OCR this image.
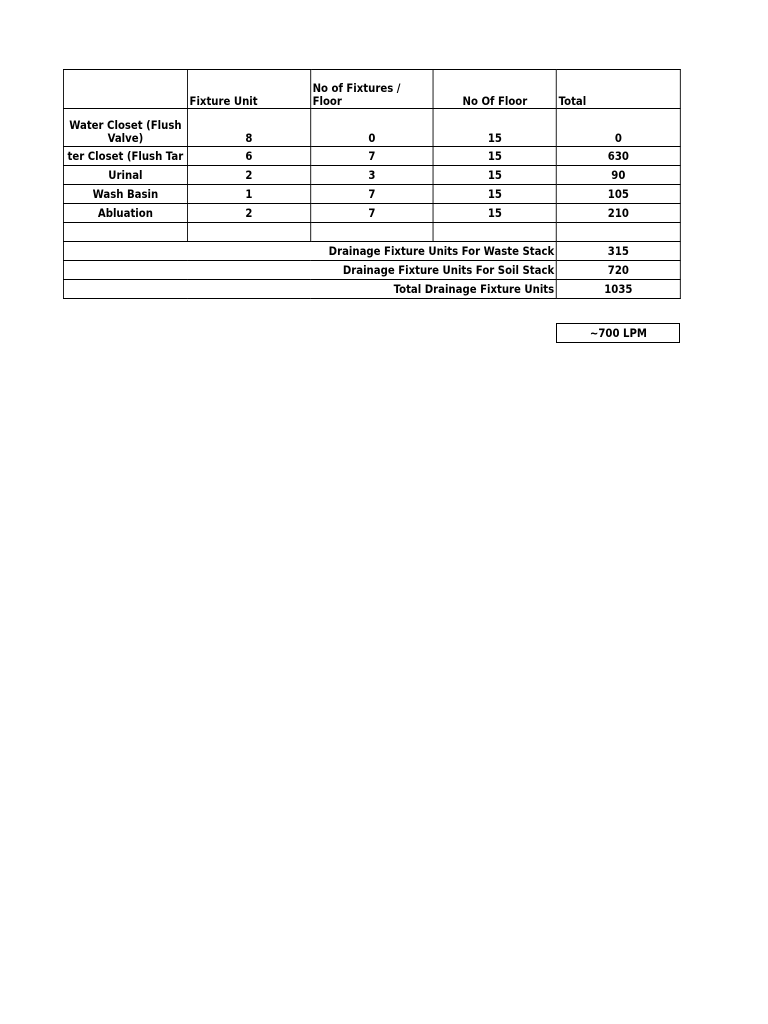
	Fixture Unit	No of Fixtures / Floor	No Of Floor	Total
Water Closet (Flush Valve)	8	0	15	0
ter Closet (Flush Tar	6	7	15	630
Urinal	2	3	15	90
Wash Basin	1	7	15	105
Abluation	2	7	15	210

Drainage Fixture Units For Waste Stack				315
Drainage Fixture Units For Soil Stack				720
Total Drainage Fixture Units				1035
~700 LPM
